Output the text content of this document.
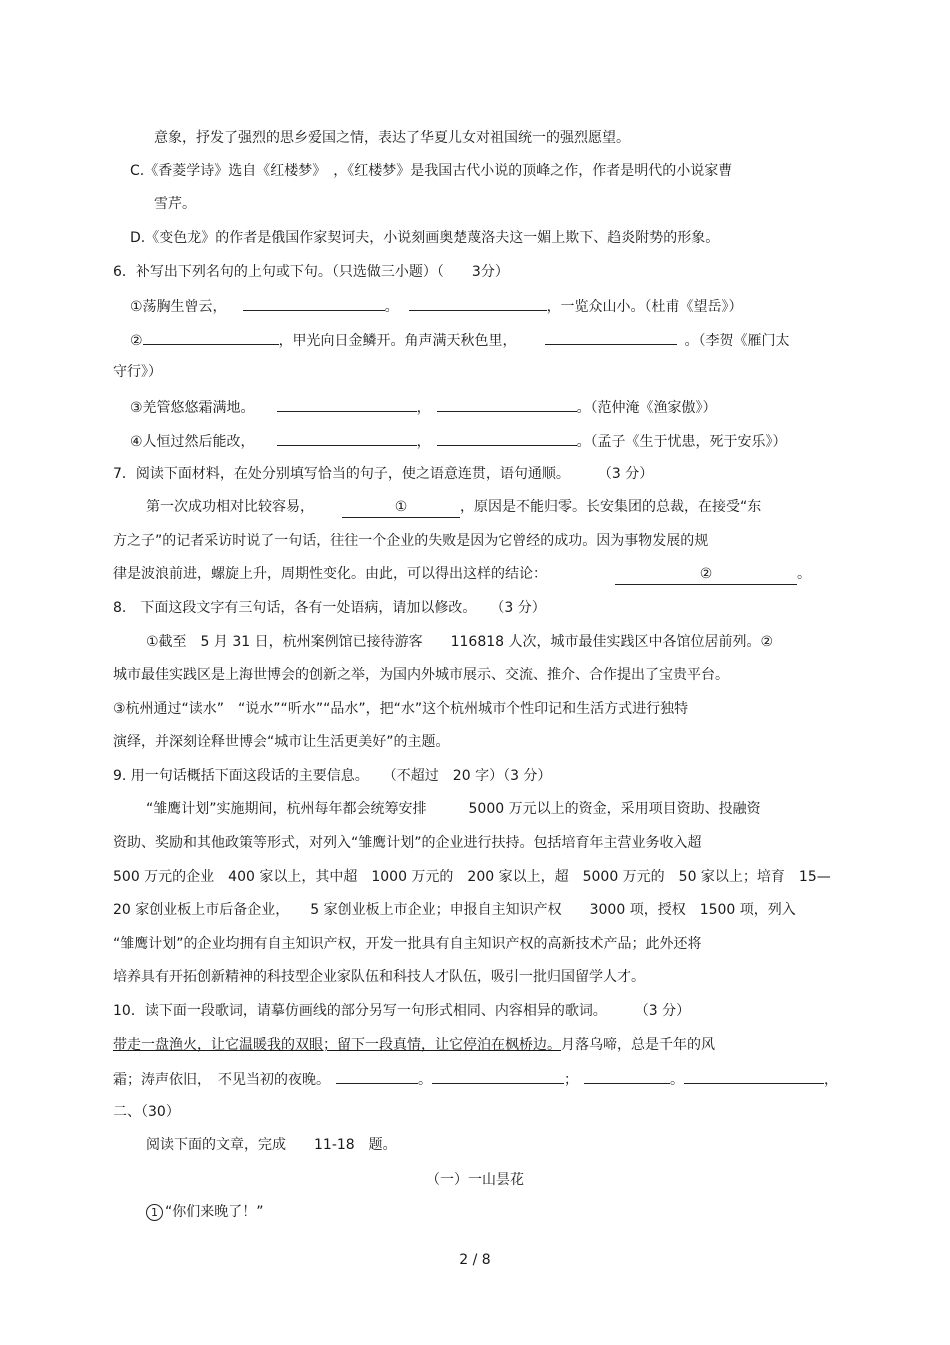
意象，抒发了强烈的思乡爱国之情，表达了华夏儿女对祖国统一的强烈愿望。
C.《香菱学诗》选自《红楼梦》　，《红楼梦》是我国古代小说的顶峰之作，作者是明代的小说家曹
雪芹。
D.《变色龙》的作者是俄国作家契诃夫，小说刻画奥楚蔑洛夫这一媚上欺下、趋炎附势的形象。
6．补写出下列名句的上句或下句。（只选做三小题）（　　3分）
①荡胸生曾云，	。	，一览众山小。（杜甫《望岳》）
②	，甲光向日金鳞开。角声满天秋色里，	。（李贺《雁门太
守行》）
③羌管悠悠霜满地。	，	。（范仲淹《渔家傲》）
④人恒过然后能改，	，	。（孟子《生于忧患，死于安乐》）
7．阅读下面材料，在处分别填写恰当的句子，使之语意连贯，语句通顺。　　　（3 分）
第一次成功相对比较容易，	①	，原因是不能归零。长安集团的总裁，在接受“东
方之子”的记者采访时说了一句话，往往一个企业的失败是因为它曾经的成功。因为事物发展的规
律是波浪前进，螺旋上升，周期性变化。由此，可以得出这样的结论：	②	。
8.　下面这段文字有三句话，各有一处语病，请加以修改。　　（3 分）
①截至　5 月 31 日，杭州案例馆已接待游客　　116818 人次，城市最佳实践区中各馆位居前列。②
城市最佳实践区是上海世博会的创新之举，为国内外城市展示、交流、推介、合作提出了宝贵平台。
③杭州通过“读水”　“说水”“听水”“品水”，把“水”这个杭州城市个性印记和生活方式进行独特
演绎，并深刻诠释世博会“城市让生活更美好”的主题。
9. 用一句话概括下面这段话的主要信息。　　（不超过　20 字）（3 分）
“雏鹰计划”实施期间，杭州每年都会统筹安排　　　5000 万元以上的资金，采用项目资助、投融资
资助、奖励和其他政策等形式，对列入“雏鹰计划”的企业进行扶持。包括培育年主营业务收入超
500 万元的企业　400 家以上，其中超　1000 万元的　200 家以上，超　5000 万元的　50 家以上；培育　15—
20 家创业板上市后备企业，　　5 家创业板上市企业；申报自主知识产权　　3000 项，授权　1500 项，列入
“雏鹰计划”的企业均拥有自主知识产权，开发一批具有自主知识产权的高新技术产品；此外还将
培养具有开拓创新精神的科技型企业家队伍和科技人才队伍，吸引一批归国留学人才。
10．读下面一段歌词，请摹仿画线的部分另写一句形式相同、内容相异的歌词。　　　（3 分）
带走一盘渔火，让它温暖我的双眼；留下一段真情，让它停泊在枫桥边。月落乌啼，总是千年的风
霜；涛声依旧，　不见当初的夜晚。	。	；	。	，
二、（30）
阅读下面的文章，完成　　11-18　题。
（一）一山昙花
1 “你们来晚了！”
2 / 8
